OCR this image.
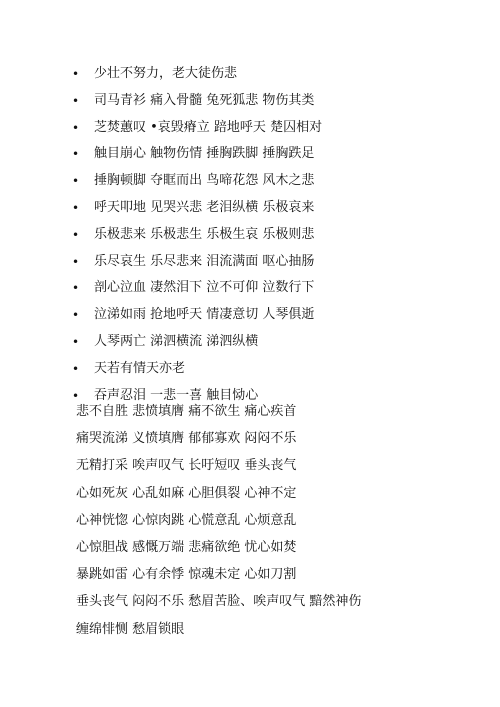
•	少壮不努力，老大徒伤悲
•	司马青衫 痛入骨髓 兔死狐悲 物伤其类
•	芝焚蕙叹 •哀毁瘠立 踣地呼天 楚囚相对
•	触目崩心 触物伤情 捶胸跌脚 捶胸跌足
•	捶胸顿脚 夺眶而出 鸟啼花怨 风木之悲
•	呼天叩地 见哭兴悲 老泪纵横 乐极哀来
•	乐极悲来 乐极悲生 乐极生哀 乐极则悲
•	乐尽哀生 乐尽悲来 泪流满面 呕心抽肠
•	剖心泣血 凄然泪下 泣不可仰 泣数行下
•	泣涕如雨 抢地呼天 情凄意切 人琴俱逝
•	人琴两亡 涕泗横流 涕泗纵横
•	天若有情天亦老
•	吞声忍泪 一悲一喜 触目恸心
悲不自胜 悲愤填膺 痛不欲生 痛心疾首
痛哭流涕 义愤填膺 郁郁寡欢 闷闷不乐
无精打采 唉声叹气 长吁短叹 垂头丧气
心如死灰 心乱如麻 心胆俱裂 心神不定
心神恍惚 心惊肉跳 心慌意乱 心烦意乱
心惊胆战 感慨万端 悲痛欲绝 忧心如焚
暴跳如雷 心有余悸 惊魂未定 心如刀割
垂头丧气 闷闷不乐 愁眉苦脸、唉声叹气 黯然神伤
缠绵悱恻 愁眉锁眼
